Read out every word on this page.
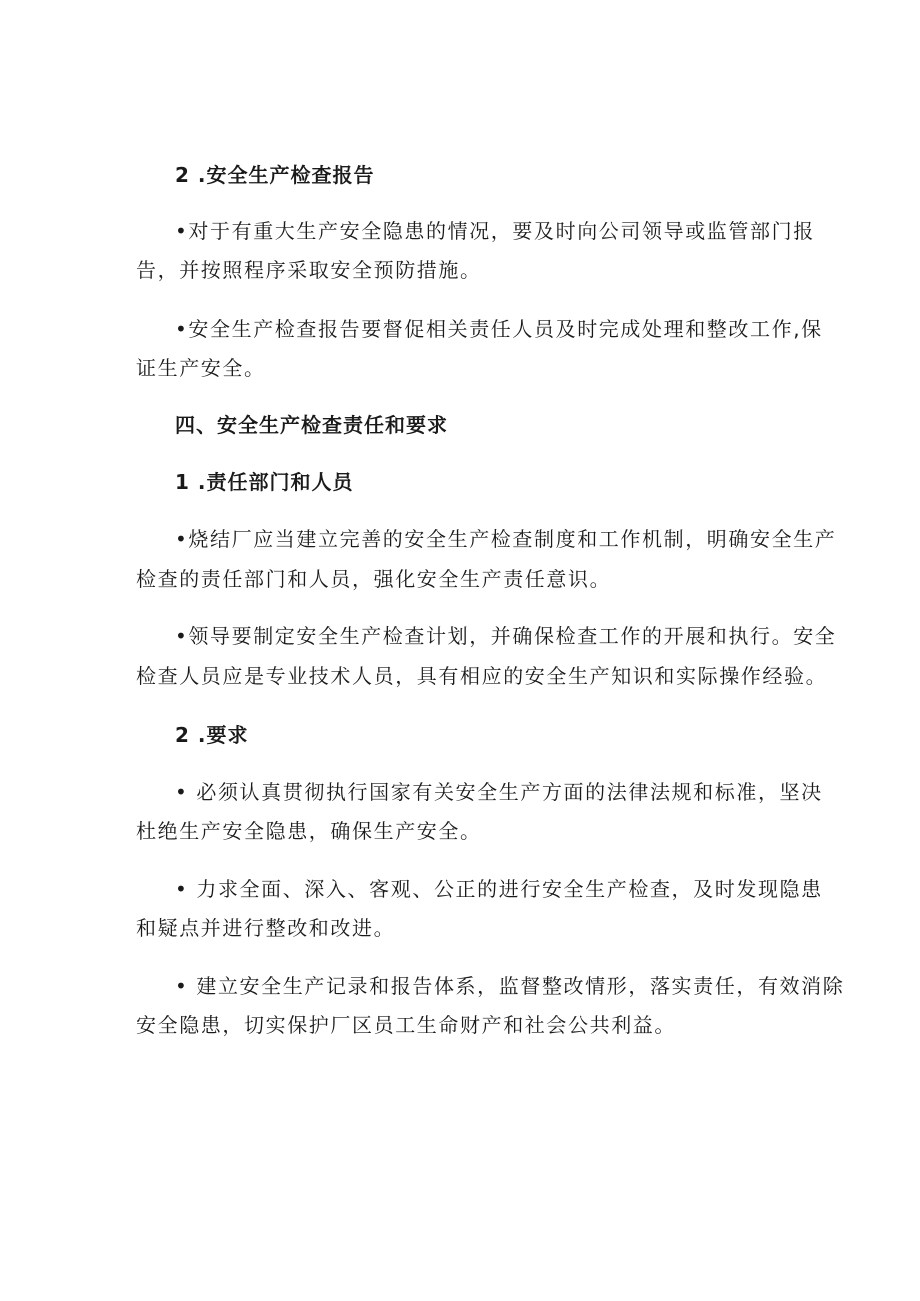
2 .安全生产检查报告

•对于有重大生产安全隐患的情况，要及时向公司领导或监管部门报

告，并按照程序采取安全预防措施。

•安全生产检查报告要督促相关责任人员及时完成处理和整改工作,保

证生产安全。

四、安全生产检查责任和要求

1 .责任部门和人员

•烧结厂应当建立完善的安全生产检查制度和工作机制，明确安全生产

检查的责任部门和人员，强化安全生产责任意识。

•领导要制定安全生产检查计划，并确保检查工作的开展和执行。安全

检查人员应是专业技术人员，具有相应的安全生产知识和实际操作经验。

2 .要求

• 必须认真贯彻执行国家有关安全生产方面的法律法规和标准，坚决

杜绝生产安全隐患，确保生产安全。

• 力求全面、深入、客观、公正的进行安全生产检查，及时发现隐患

和疑点并进行整改和改进。

• 建立安全生产记录和报告体系，监督整改情形，落实责任，有效消除

安全隐患，切实保护厂区员工生命财产和社会公共利益。
